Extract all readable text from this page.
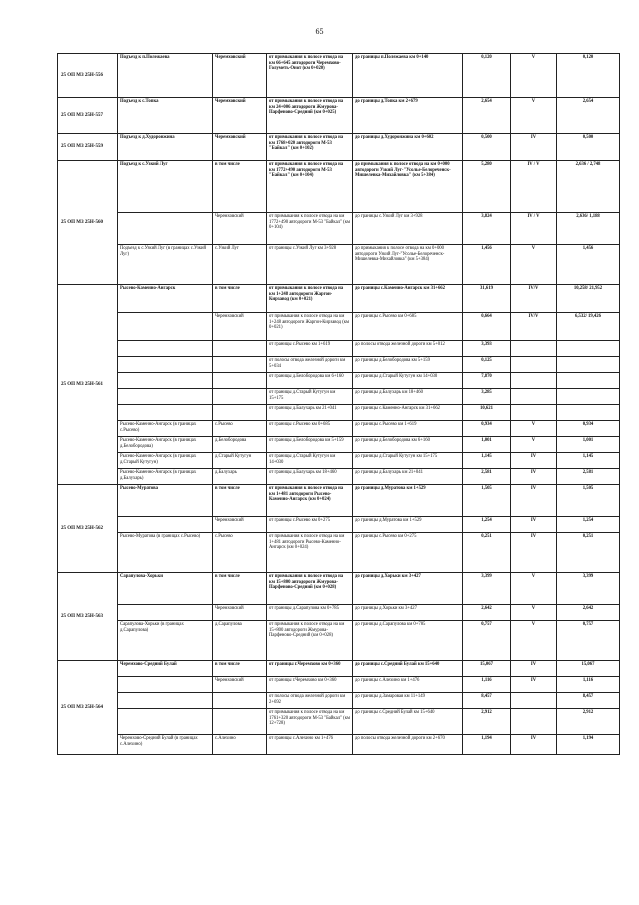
65
25 ОП МЗ 25Н-556	Подъезд к п.Полежаева	Черемховский	от примыкания к полосе отвода на км 66+645 автодороги Черемхово-Голуметь-Онот (км 0+020)	до границы п.Полежаева км 0+140	0,120	V	0,120
25 ОП МЗ 25Н-557	Подъезд к с.Топка	Черемховский	от примыкания к полосе отвода на км 24+006 автодороги Жмурова-Парфеново-Средний (км 0+025)	до границы д.Топка км 2+679	2,654	V	2,654
25 ОП МЗ 25Н-559	Подъезд к д.Худоронжина	Черемховский	от примыкания к полосе отвода на км 1768+020 автодороги М-53 "Байкал" (км 0+102)	до границы д.Худоронжина км 0+602	0,500	IV	0,500
25 ОП МЗ 25Н-560	Подъезд к с.Узкий Луг	в том числе	от примыкания к полосе отвода на км 1772+490 автодороги М-53 "Байкал" (км 0+104)	до примыкания к полосе отвода на км 0+000 автодороги Узкий Луг-"Усолье-Белореченск-Мишелевка-Михайловка" (км 5+384)	5,280	IV / V	2,636 / 2,748
		Черемховский	от примыкания к полосе отвода на км 1772+490 автодороги М-53 "Байкал" (км 0+104)	до границы с.Узкий Луг км 3+928	3,824	IV / V	2,636/ 1,188
	Подъезд к с.Узкий Луг (в границах с.Узкий Луг)	с.Узкий Луг	от границы с.Узкий Луг км 3+928	до примыкания к полосе отвода на км 0+000 автодороги Узкий Луг-"Усолье-Белореченск-Мишелевка-Михайловка" (км 5+384)	1,456	V	1,456
25 ОП МЗ 25Н-561	Рысево-Каменно-Ангарск	в том числе	от примыкания к полосе отвода на км 1+248 автодороги Жаргон-Кирзавод (км 0+021)	до границы с.Каменно-Ангарск км 31+662	31,619	IV/V	10,258/ 21,952
		Черемховский	от примыкания к полосе отвода на км 1+248 автодороги Жаргон-Кирзавод (км 0+021)	до границы с.Рысево км 0+685	0,664	IV/V	6,532/ 19,426
			от границы с.Рысево км 1+619	до полосы отвода железной дороги км 5+012	3,393		
			от полосы отвода железной дороги км 5+034	до границы д.Белобородова км 5+159	0,125		
			от границы д.Белобородова км 6+160	до границы д.Старый Кутугун км 14+030	7,870		
			от границы д.Старый Кутугун км 15+175	до границы д.Балухарь км 18+460	3,285		
			от границы д.Балухарь км 21+041	до границы с.Каменно-Ангарск км 31+662	10,621		
	Рысево-Каменно-Ангарск (в границах с.Рысево)	с.Рысево	от границы с.Рысево км 0+685	до границы с.Рысево км 1+619	0,934	V	0,934
	Рысево-Каменно-Ангарск (в границах д.Белобородова)	д.Белобородова	от границы д.Белобородова км 5+159	до границы д.Белобородова км 6+160	1,001	V	1,001
	Рысево-Каменно-Ангарск (в границах д.Старый Кутугун)	д.Старый Кутугун	от границы д.Старый Кутугун км 14+030	до границы д.Старый Кутугун км 15+175	1,145	IV	1,145
	Рысево-Каменно-Ангарск (в границах д.Балухарь)	д.Балухарь	от границы д.Балухарь км 18+460	до границы д.Балухарь км 21+041	2,581	IV	2,581
25 ОП МЗ 25Н-562	Рысево-Муратова	в том числе	от примыкания к полосе отвода на км 1+481 автодороги Рысево-Каменно-Ангарск (км 0+024)	до границы д.Муратова км 1+529	1,505	IV	1,505
		Черемховский	от границы с.Рысево км 0+275	до границы д.Муратова км 1+529	1,254	IV	1,254
	Рысево-Муратова (в границах с.Рысево)	с.Рысево	от примыкания к полосе отвода на км 1+481 автодороги Рысево-Каменно-Ангарск (км 0+024)	до границы с.Рысево км 0+275	0,251	IV	0,251
25 ОП МЗ 25Н-563	Сарапулова-Хорьки	в том числе	от примыкания к полосе отвода на км 15+800 автодороги Жмурова-Парфеново-Средний (км 0+028)	до границы д.Хорьки км 3+427	3,399	V	3,399
		Черемховский	от границы д.Сарапулова км 0+785	до границы д.Хорьки км 3+427	2,642	V	2,642
	Сарапулова-Хорьки (в границах д.Сарапулова)	д.Сарапулова	от примыкания к полосе отвода на км 15+800 автодороги Жмурова-Парфеново-Средний (км 0+028)	до границы д.Сарапулова км 0+785	0,757	V	0,757
25 ОП МЗ 25Н-564	Черемхово-Средний Булай	в том числе	от границы г.Черемхово км 0+360	до границы с.Средний Булай км 15+640	15,067	IV	15,067
		Черемховский	от границы г.Черемхово км 0+360	до границы с.Алехино км 1+476	1,116	IV	1,116
			от полосы отвода железной дороги км 2+692	до границы д.Замаровая км 11+149	8,457		8,457
			от примыкания к полосе отвода на км 1761+320 автодороги М-53 "Байкал" (км 12+728)	до границы с.Средний Булай км 15+640	2,912		2,912
	Черемхово-Средний Булай (в границах с.Алехино)	с.Алехино	от границы с.Алехино км 1+476	до полосы отвода железной дороги км 2+670	1,194	IV	1,194
